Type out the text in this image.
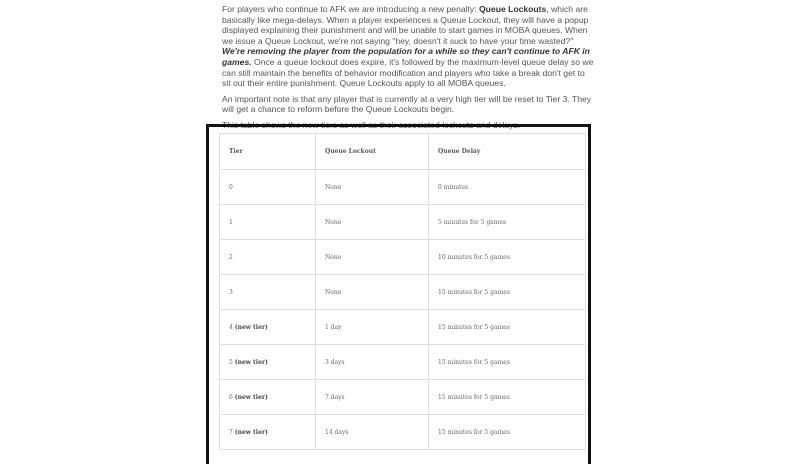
For players who continue to AFK we are introducing a new penalty: Queue Lockouts, which are basically like mega-delays. When a player experiences a Queue Lockout, they will have a popup displayed explaining their punishment and will be unable to start games in MOBA queues. When we issue a Queue Lockout, we're not saying "hey, doesn't it suck to have your time wasted?" We're removing the player from the population for a while so they can't continue to AFK in games. Once a queue lockout does expire, it's followed by the maximum-level queue delay so we can still maintain the benefits of behavior modification and players who take a break don't get to sit out their entire punishment. Queue Lockouts apply to all MOBA queues.

An important note is that any player that is currently at a very high tier will be reset to Tier 3. They will get a chance to reform before the Queue Lockouts begin.

This table shows the new tiers as well as their associated lockouts and delays.

Tier	Queue Lockout	Queue Delay
0	None	0 minutes
1	None	5 minutes for 5 games
2	None	10 minutes for 5 games
3	None	15 minutes for 5 games
4 (new tier)	1 day	15 minutes for 5 games
5 (new tier)	3 days	15 minutes for 5 games
6 (new tier)	7 days	15 minutes for 5 games
7 (new tier)	14 days	15 minutes for 5 games
